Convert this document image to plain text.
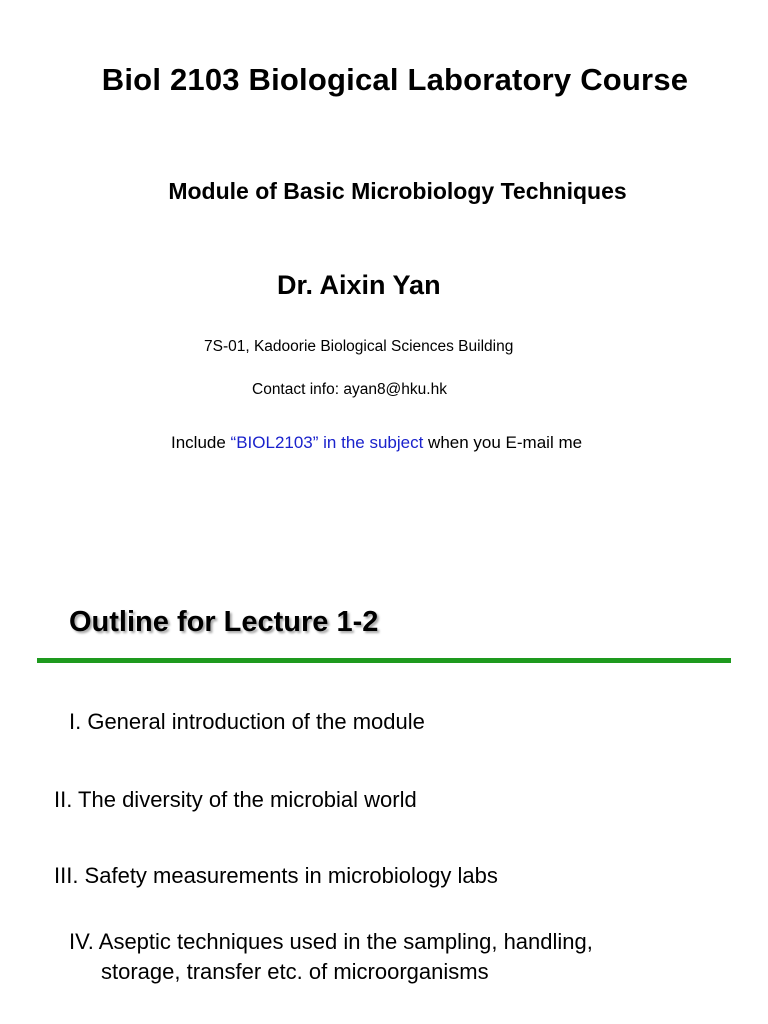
Biol 2103 Biological Laboratory Course
Module of Basic Microbiology Techniques
Dr. Aixin Yan
7S-01, Kadoorie Biological Sciences Building
Contact info: ayan8@hku.hk
Include “BIOL2103” in the subject when you E-mail me
Outline for Lecture 1-2
I. General introduction of the module
II. The diversity of the microbial world
III. Safety measurements in microbiology labs
IV. Aseptic techniques used in the sampling, handling,
storage, transfer etc. of microorganisms
